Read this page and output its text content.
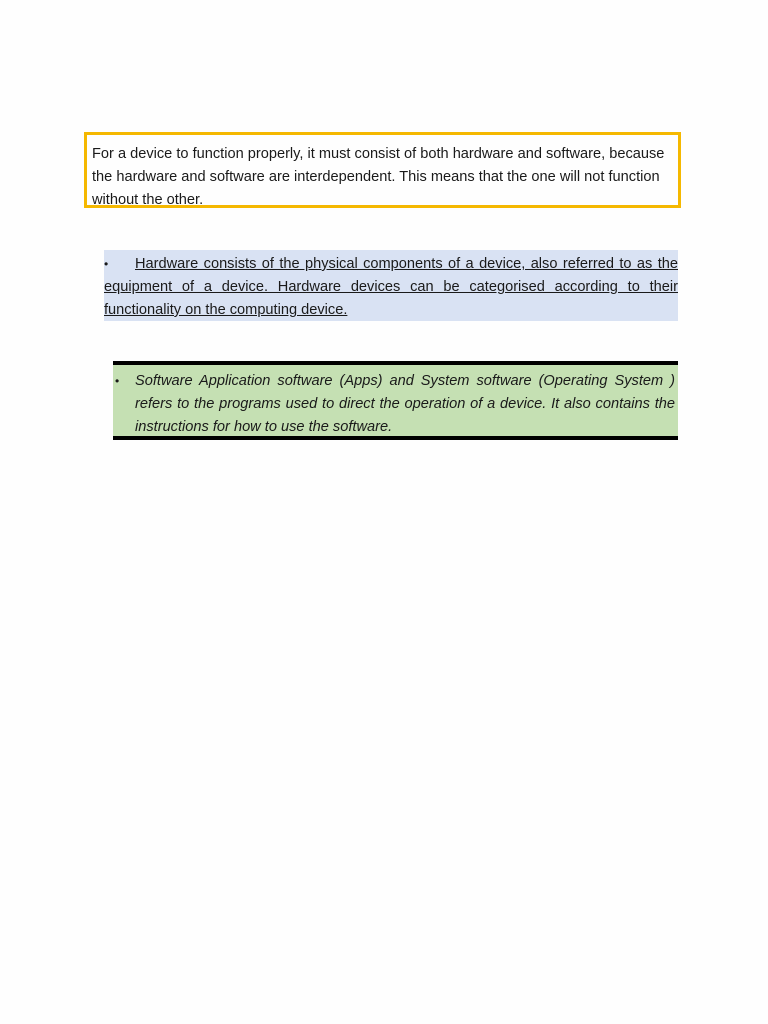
For a device to function properly, it must consist of both hardware and software, because the hardware and software are interdependent. This means that the one will not function without the other.
• Hardware consists of the physical components of a device, also referred to as the equipment of a device. Hardware devices can be categorised according to their functionality on the computing device.
• Software Application software (Apps) and System software (Operating System ) refers to the programs used to direct the operation of a device. It also contains the instructions for how to use the software.
